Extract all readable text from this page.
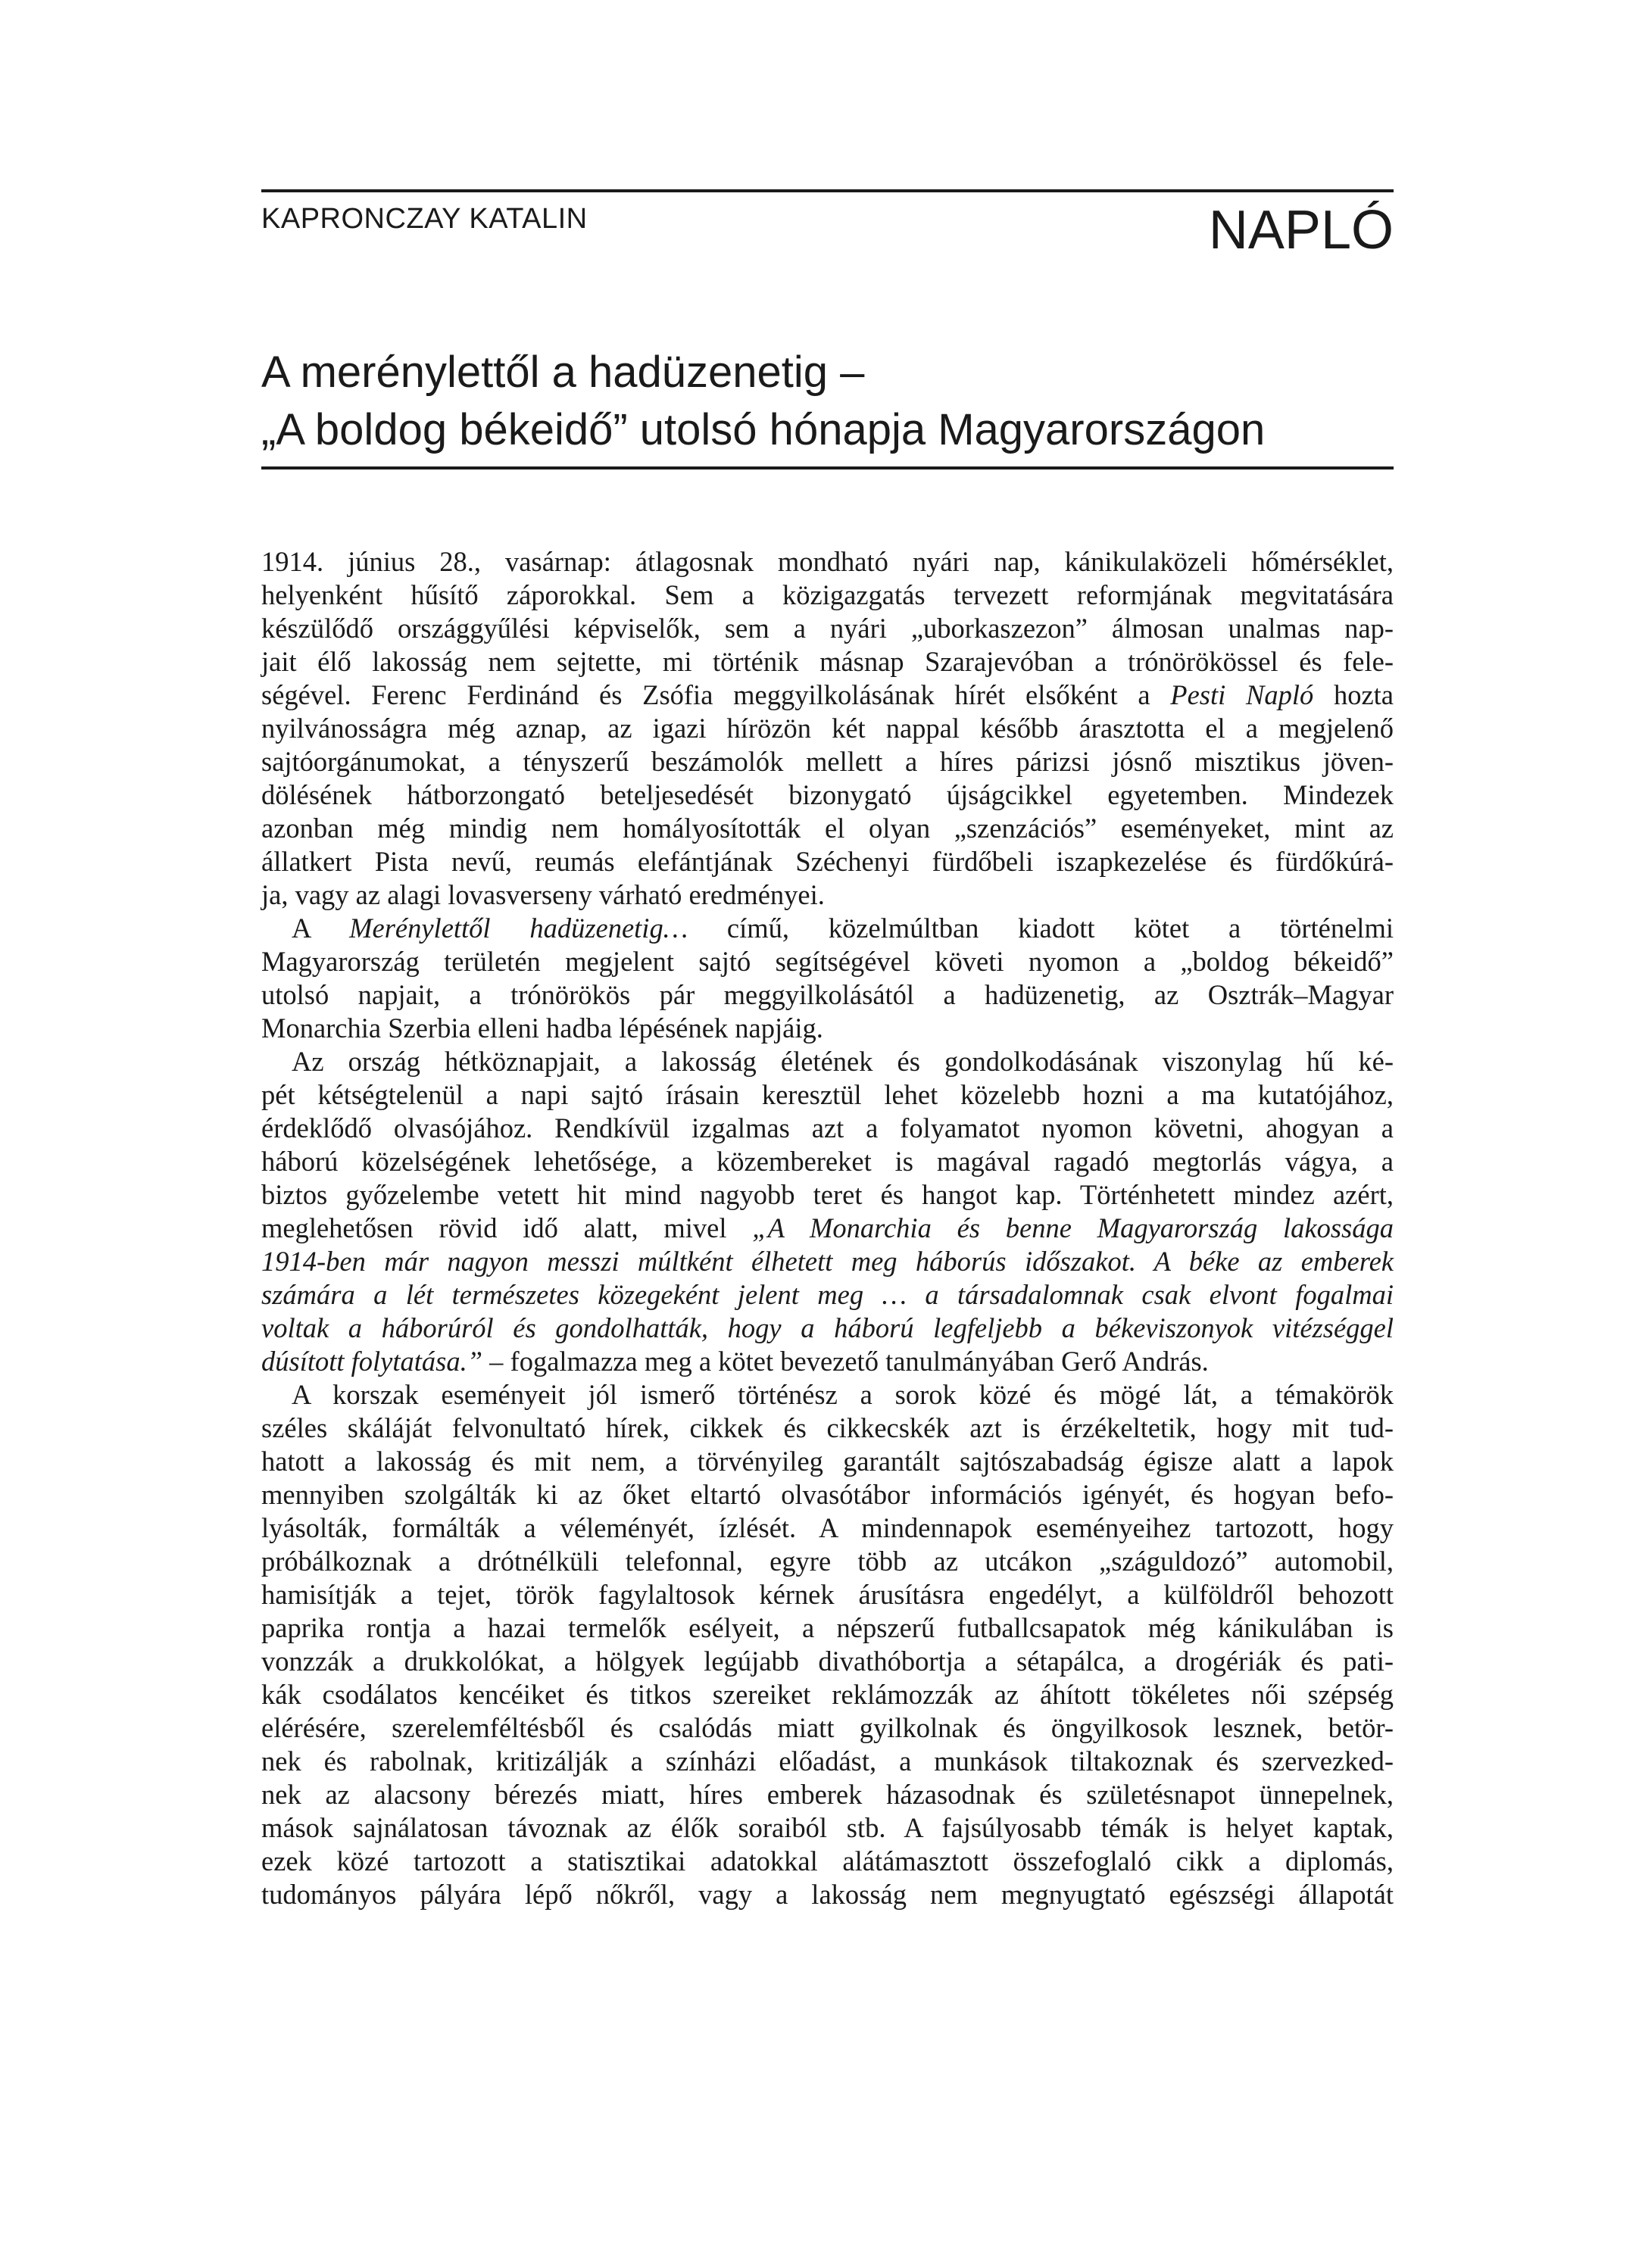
KAPRONCZAY KATALIN	NAPLÓ
A merénylettől a hadüzenetig –
„A boldog békeidő” utolsó hónapja Magyarországon
1914. június 28., vasárnap: átlagosnak mondható nyári nap, kánikulaközeli hőmérséklet,
helyenként hűsítő záporokkal. Sem a közigazgatás tervezett reformjának megvitatására
készülődő országgyűlési képviselők, sem a nyári „uborkaszezon” álmosan unalmas nap-
jait élő lakosság nem sejtette, mi történik másnap Szarajevóban a trónörökössel és fele-
ségével. Ferenc Ferdinánd és Zsófia meggyilkolásának hírét elsőként a Pesti Napló hozta
nyilvánosságra még aznap, az igazi hírözön két nappal később árasztotta el a megjelenő
sajtóorgánumokat, a tényszerű beszámolók mellett a híres párizsi jósnő misztikus jöven-
dölésének hátborzongató beteljesedését bizonygató újságcikkel egyetemben. Mindezek
azonban még mindig nem homályosították el olyan „szenzációs” eseményeket, mint az
állatkert Pista nevű, reumás elefántjának Széchenyi fürdőbeli iszapkezelése és fürdőkúrá-
ja, vagy az alagi lovasverseny várható eredményei.
A Merénylettől hadüzenetig… című, közelmúltban kiadott kötet a történelmi
Magyarország területén megjelent sajtó segítségével követi nyomon a „boldog békeidő”
utolsó napjait, a trónörökös pár meggyilkolásától a hadüzenetig, az Osztrák–Magyar
Monarchia Szerbia elleni hadba lépésének napjáig.
Az ország hétköznapjait, a lakosság életének és gondolkodásának viszonylag hű ké-
pét kétségtelenül a napi sajtó írásain keresztül lehet közelebb hozni a ma kutatójához,
érdeklődő olvasójához. Rendkívül izgalmas azt a folyamatot nyomon követni, ahogyan a
háború közelségének lehetősége, a közembereket is magával ragadó megtorlás vágya, a
biztos győzelembe vetett hit mind nagyobb teret és hangot kap. Történhetett mindez azért,
meglehetősen rövid idő alatt, mivel „A Monarchia és benne Magyarország lakossága
1914-ben már nagyon messzi múltként élhetett meg háborús időszakot. A béke az emberek
számára a lét természetes közegeként jelent meg … a társadalomnak csak elvont fogalmai
voltak a háborúról és gondolhatták, hogy a háború legfeljebb a békeviszonyok vitézséggel
dúsított folytatása.” – fogalmazza meg a kötet bevezető tanulmányában Gerő András.
A korszak eseményeit jól ismerő történész a sorok közé és mögé lát, a témakörök
széles skáláját felvonultató hírek, cikkek és cikkecskék azt is érzékeltetik, hogy mit tud-
hatott a lakosság és mit nem, a törvényileg garantált sajtószabadság égisze alatt a lapok
mennyiben szolgálták ki az őket eltartó olvasótábor információs igényét, és hogyan befo-
lyásolták, formálták a véleményét, ízlését. A mindennapok eseményeihez tartozott, hogy
próbálkoznak a drótnélküli telefonnal, egyre több az utcákon „száguldozó” automobil,
hamisítják a tejet, török fagylaltosok kérnek árusításra engedélyt, a külföldről behozott
paprika rontja a hazai termelők esélyeit, a népszerű futballcsapatok még kánikulában is
vonzzák a drukkolókat, a hölgyek legújabb divathóbortja a sétapálca, a drogériák és pati-
kák csodálatos kencéiket és titkos szereiket reklámozzák az áhított tökéletes női szépség
elérésére, szerelemféltésből és csalódás miatt gyilkolnak és öngyilkosok lesznek, betör-
nek és rabolnak, kritizálják a színházi előadást, a munkások tiltakoznak és szervezked-
nek az alacsony bérezés miatt, híres emberek házasodnak és születésnapot ünnepelnek,
mások sajnálatosan távoznak az élők soraiból stb. A fajsúlyosabb témák is helyet kaptak,
ezek közé tartozott a statisztikai adatokkal alátámasztott összefoglaló cikk a diplomás,
tudományos pályára lépő nőkről, vagy a lakosság nem megnyugtató egészségi állapotát
